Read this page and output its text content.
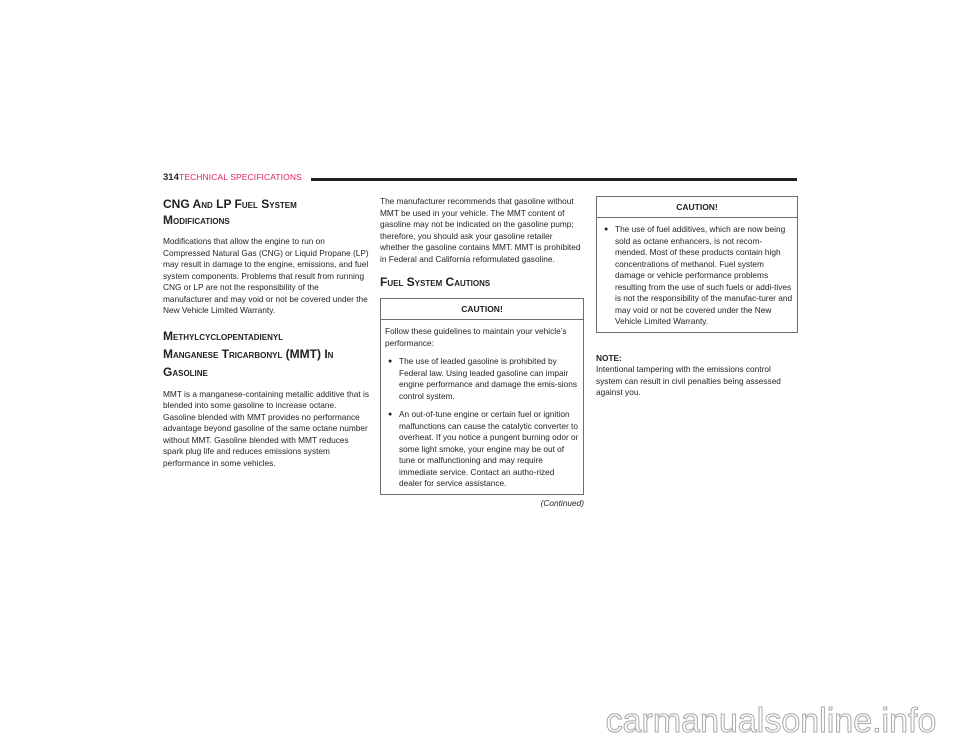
314 TECHNICAL SPECIFICATIONS
CNG And LP Fuel System
Modifications

Modifications that allow the engine to run on Compressed Natural Gas (CNG) or Liquid Propane (LP) may result in damage to the engine, emissions, and fuel system components. Problems that result from running CNG or LP are not the responsibility of the manufacturer and may void or not be covered under the New Vehicle Limited Warranty.

Methylcyclopentadienyl
Manganese Tricarbonyl (MMT) In
Gasoline

MMT is a manganese-containing metallic additive that is blended into some gasoline to increase octane. Gasoline blended with MMT provides no performance advantage beyond gasoline of the same octane number without MMT. Gasoline blended with MMT reduces spark plug life and reduces emissions system performance in some vehicles.

The manufacturer recommends that gasoline without MMT be used in your vehicle. The MMT content of gasoline may not be indicated on the gasoline pump; therefore, you should ask your gasoline retailer whether the gasoline contains MMT. MMT is prohibited in Federal and California reformulated gasoline.

Fuel System Cautions
CAUTION!

Follow these guidelines to maintain your vehicle’s performance:

● The use of leaded gasoline is prohibited by Federal law. Using leaded gasoline can impair engine performance and damage the emis-sions control system.
● An out-of-tune engine or certain fuel or ignition malfunctions can cause the catalytic converter to overheat. If you notice a pungent burning odor or some light smoke, your engine may be out of tune or malfunctioning and may require immediate service. Contact an autho-rized dealer for service assistance.
(Continued)
CAUTION!
● The use of fuel additives, which are now being sold as octane enhancers, is not recom-mended. Most of these products contain high concentrations of methanol. Fuel system damage or vehicle performance problems resulting from the use of such fuels or addi-tives is not the responsibility of the manufac-turer and may void or not be covered under the New Vehicle Limited Warranty.

NOTE:
Intentional tampering with the emissions control system can result in civil penalties being assessed against you.

carmanualsonline.info
